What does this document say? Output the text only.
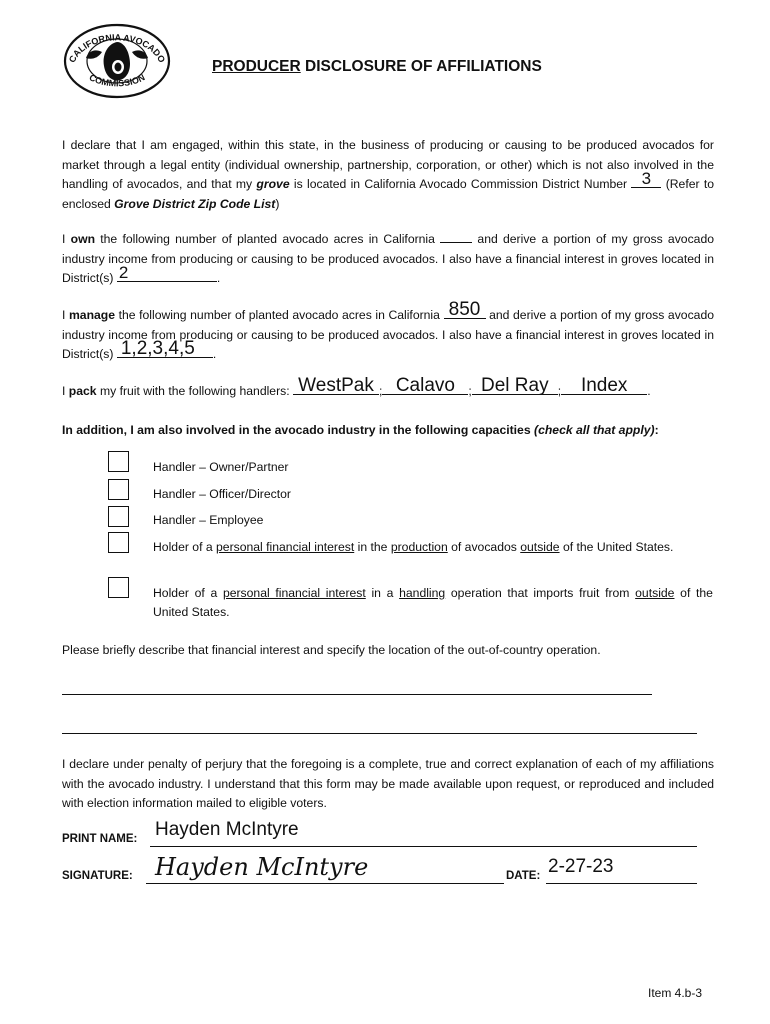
CALIFORNIA AVOCADO
COMMISSION
PRODUCER DISCLOSURE OF AFFILIATIONS
I declare that I am engaged, within this state, in the business of producing or causing to be produced avocados for market through a legal entity (individual ownership, partnership, corporation, or other) which is not also involved in the handling of avocados, and that my grove is located in California Avocado Commission District Number 3 (Refer to enclosed Grove District Zip Code List)
I own the following number of planted avocado acres in California	and derive a portion of my gross avocado industry income from producing or causing to be produced avocados. I also have a financial interest in groves located in District(s) 2	.
I manage the following number of planted avocado acres in California 850 and derive a portion of my gross avocado industry income from producing or causing to be produced avocados. I also have a financial interest in groves located in District(s) 1,2,3,4,5	.
I pack my fruit with the following handlers: WestPak ; Calavo	; Del Ray ;	Index	.
In addition, I am also involved in the avocado industry in the following capacities (check all that apply):
Handler – Owner/Partner
Handler – Officer/Director
Handler – Employee
Holder of a personal financial interest in the production of avocados outside of the United States.
Holder of a personal financial interest in a handling operation that imports fruit from outside of the United States.
Please briefly describe that financial interest and specify the location of the out-of-country operation.
I declare under penalty of perjury that the foregoing is a complete, true and correct explanation of each of my affiliations with the avocado industry. I understand that this form may be made available upon request, or reproduced and included with election information mailed to eligible voters.
PRINT NAME: Hayden McIntyre
SIGNATURE: Hayden McIntyre	DATE: 2-27-23
Item 4.b-3
